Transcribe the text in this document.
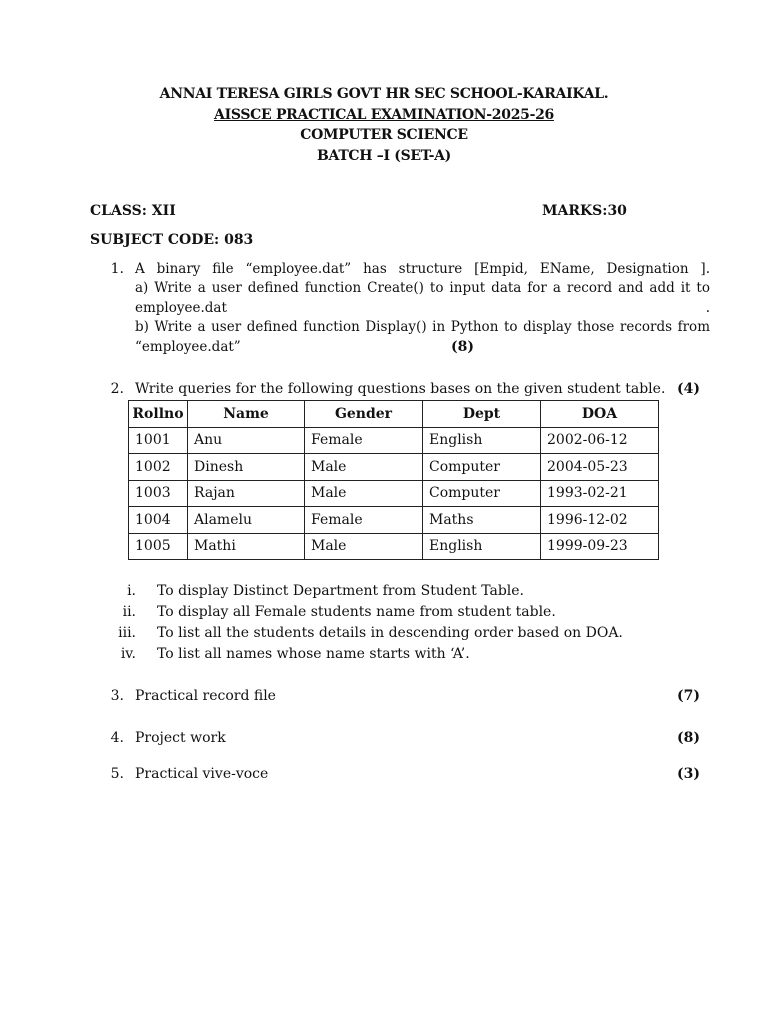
ANNAI TERESA GIRLS GOVT HR SEC SCHOOL-KARAIKAL.
AISSCE PRACTICAL EXAMINATION-2025-26
COMPUTER SCIENCE
BATCH –I (SET-A)
CLASS: XII	MARKS:30
SUBJECT CODE: 083
1. A binary file “employee.dat” has structure [Empid, EName, Designation ].
a) Write a user defined function Create() to input data for a record and add it to
employee.dat	.
b) Write a user defined function Display() in Python to display those records from
“employee.dat”	(8)
2. Write queries for the following questions bases on the given student table. (4)
Rollno	Name	Gender	Dept	DOA
1001	Anu	Female	English	2002-06-12
1002	Dinesh	Male	Computer	2004-05-23
1003	Rajan	Male	Computer	1993-02-21
1004	Alamelu	Female	Maths	1996-12-02
1005	Mathi	Male	English	1999-09-23
i. To display Distinct Department from Student Table.
ii. To display all Female students name from student table.
iii. To list all the students details in descending order based on DOA.
iv. To list all names whose name starts with ‘A’.
3. Practical record file	(7)
4. Project work	(8)
5. Practical vive-voce	(3)
